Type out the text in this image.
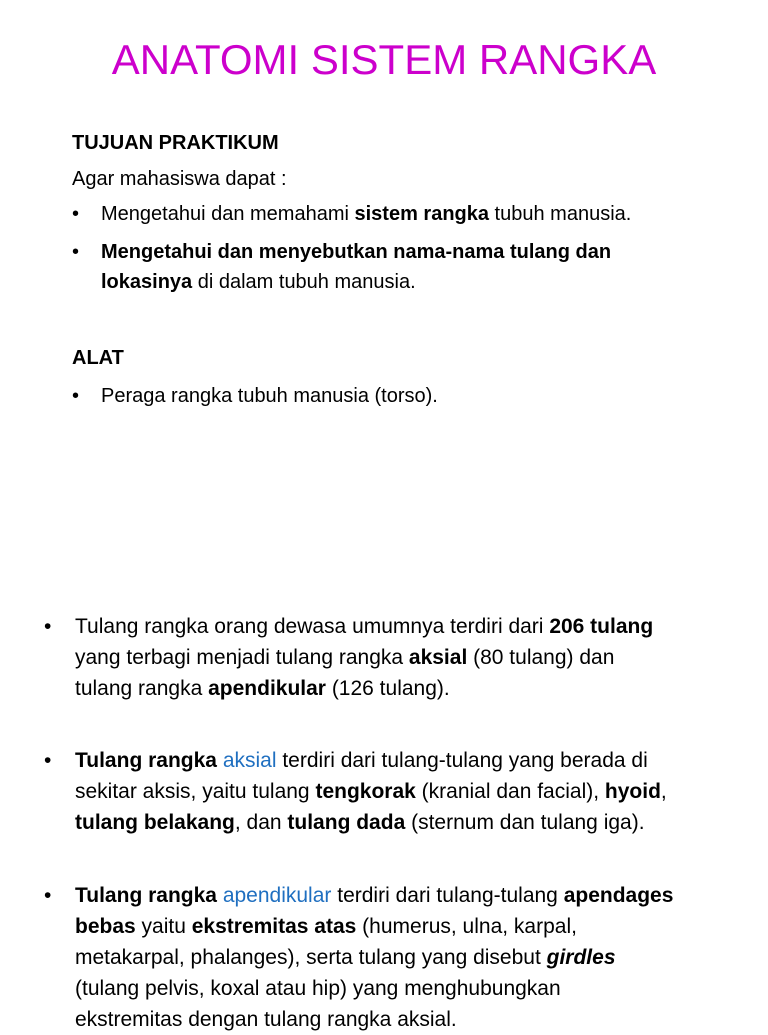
ANATOMI SISTEM RANGKA
TUJUAN PRAKTIKUM
Agar mahasiswa dapat :
• Mengetahui dan memahami sistem rangka tubuh manusia.
• Mengetahui dan menyebutkan nama-nama tulang dan
lokasinya di dalam tubuh manusia.
ALAT
• Peraga rangka tubuh manusia (torso).
• Tulang rangka orang dewasa umumnya terdiri dari 206 tulang
yang terbagi menjadi tulang rangka aksial (80 tulang) dan
tulang rangka apendikular (126 tulang).
• Tulang rangka aksial terdiri dari tulang-tulang yang berada di
sekitar aksis, yaitu tulang tengkorak (kranial dan facial), hyoid,
tulang belakang, dan tulang dada (sternum dan tulang iga).
• Tulang rangka apendikular terdiri dari tulang-tulang apendages
bebas yaitu ekstremitas atas (humerus, ulna, karpal,
metakarpal, phalanges), serta tulang yang disebut girdles
(tulang pelvis, koxal atau hip) yang menghubungkan
ekstremitas dengan tulang rangka aksial.
